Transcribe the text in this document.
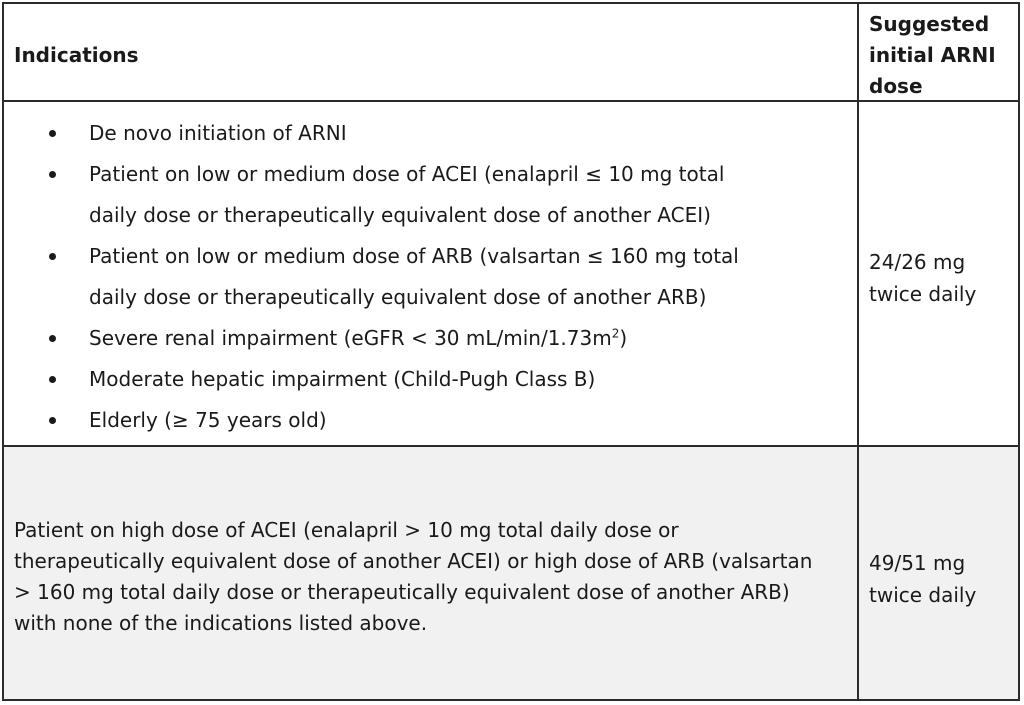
Indications
Suggested
initial ARNI
dose
De novo initiation of ARNI
Patient on low or medium dose of ACEI (enalapril ≤ 10 mg total daily dose or therapeutically equivalent dose of another ACEI)
Patient on low or medium dose of ARB (valsartan ≤ 160 mg total daily dose or therapeutically equivalent dose of another ARB)
Severe renal impairment (eGFR < 30 $mL/\min/1.73m^2$)
Moderate hepatic impairment (Child-Pugh Class B)
Elderly (≥ 75 years old)
24/26 mg
twice daily
Patient on high dose of ACEI (enalapril > 10 mg total daily dose or
therapeutically equivalent dose of another ACEI) or high dose of ARB (valsartan
> 160 mg total daily dose or therapeutically equivalent dose of another ARB)
with none of the indications listed above.
49/51 mg
twice daily
